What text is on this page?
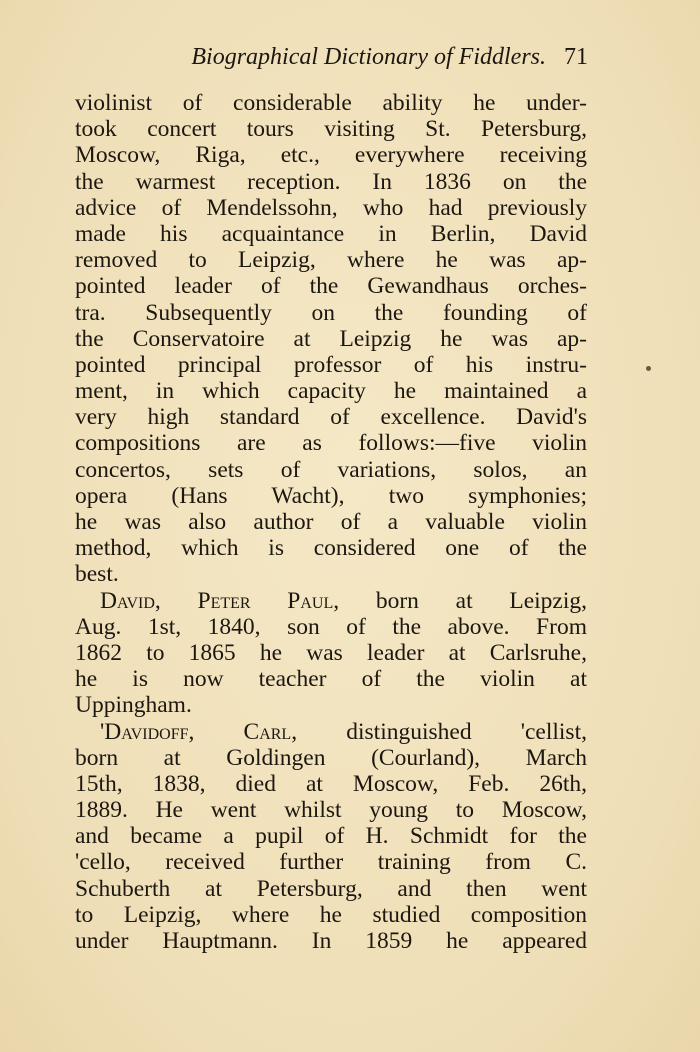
Biographical Dictionary of Fiddlers. 71
violinist of considerable ability he under-
took concert tours visiting St. Petersburg,
Moscow, Riga, etc., everywhere receiving
the warmest reception. In 1836 on the
advice of Mendelssohn, who had previously
made his acquaintance in Berlin, David
removed to Leipzig, where he was ap-
pointed leader of the Gewandhaus orches-
tra. Subsequently on the founding of
the Conservatoire at Leipzig he was ap-
pointed principal professor of his instru-
ment, in which capacity he maintained a
very high standard of excellence. David's
compositions are as follows:—five violin
concertos, sets of variations, solos, an
opera (Hans Wacht), two symphonies;
he was also author of a valuable violin
method, which is considered one of the
best.
David, Peter Paul, born at Leipzig,
Aug. 1st, 1840, son of the above. From
1862 to 1865 he was leader at Carlsruhe,
he is now teacher of the violin at
Uppingham.
'Davidoff, Carl, distinguished 'cellist,
born at Goldingen (Courland), March
15th, 1838, died at Moscow, Feb. 26th,
1889. He went whilst young to Moscow,
and became a pupil of H. Schmidt for the
'cello, received further training from C.
Schuberth at Petersburg, and then went
to Leipzig, where he studied composition
under Hauptmann. In 1859 he appeared
